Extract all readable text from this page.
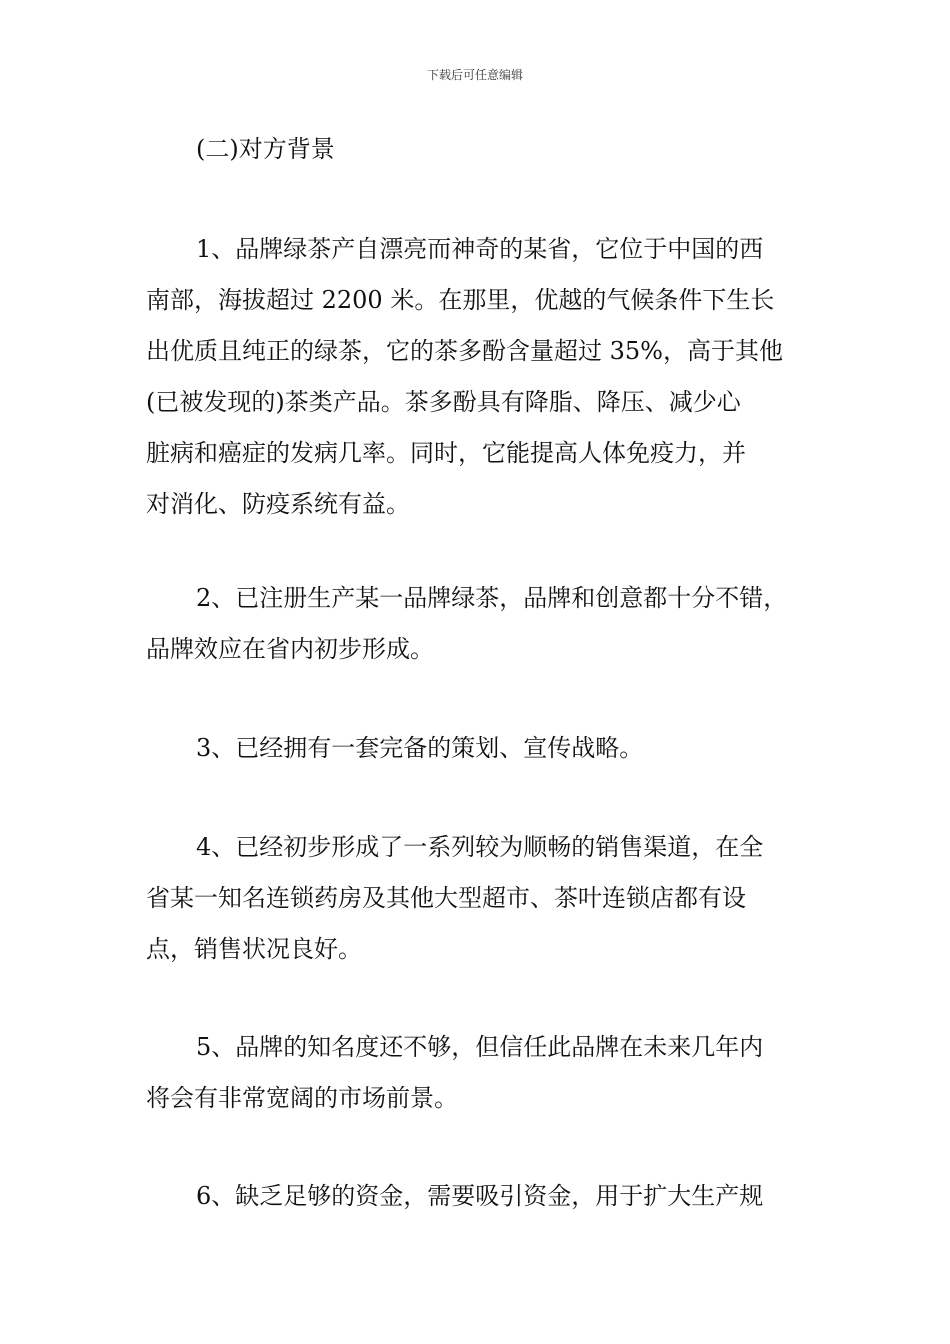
下载后可任意编辑

(二)对方背景

1、品牌绿茶产自漂亮而神奇的某省，它位于中国的西
南部，海拔超过 2200 米。在那里，优越的气候条件下生长
出优质且纯正的绿茶，它的茶多酚含量超过 35%，高于其他
(已被发现的)茶类产品。茶多酚具有降脂、降压、减少心
脏病和癌症的发病几率。同时，它能提高人体免疫力，并
对消化、防疫系统有益。

2、已注册生产某一品牌绿茶，品牌和创意都十分不错，
品牌效应在省内初步形成。

3、已经拥有一套完备的策划、宣传战略。

4、已经初步形成了一系列较为顺畅的销售渠道，在全
省某一知名连锁药房及其他大型超市、茶叶连锁店都有设
点，销售状况良好。

5、品牌的知名度还不够，但信任此品牌在未来几年内
将会有非常宽阔的市场前景。

6、缺乏足够的资金，需要吸引资金，用于扩大生产规
